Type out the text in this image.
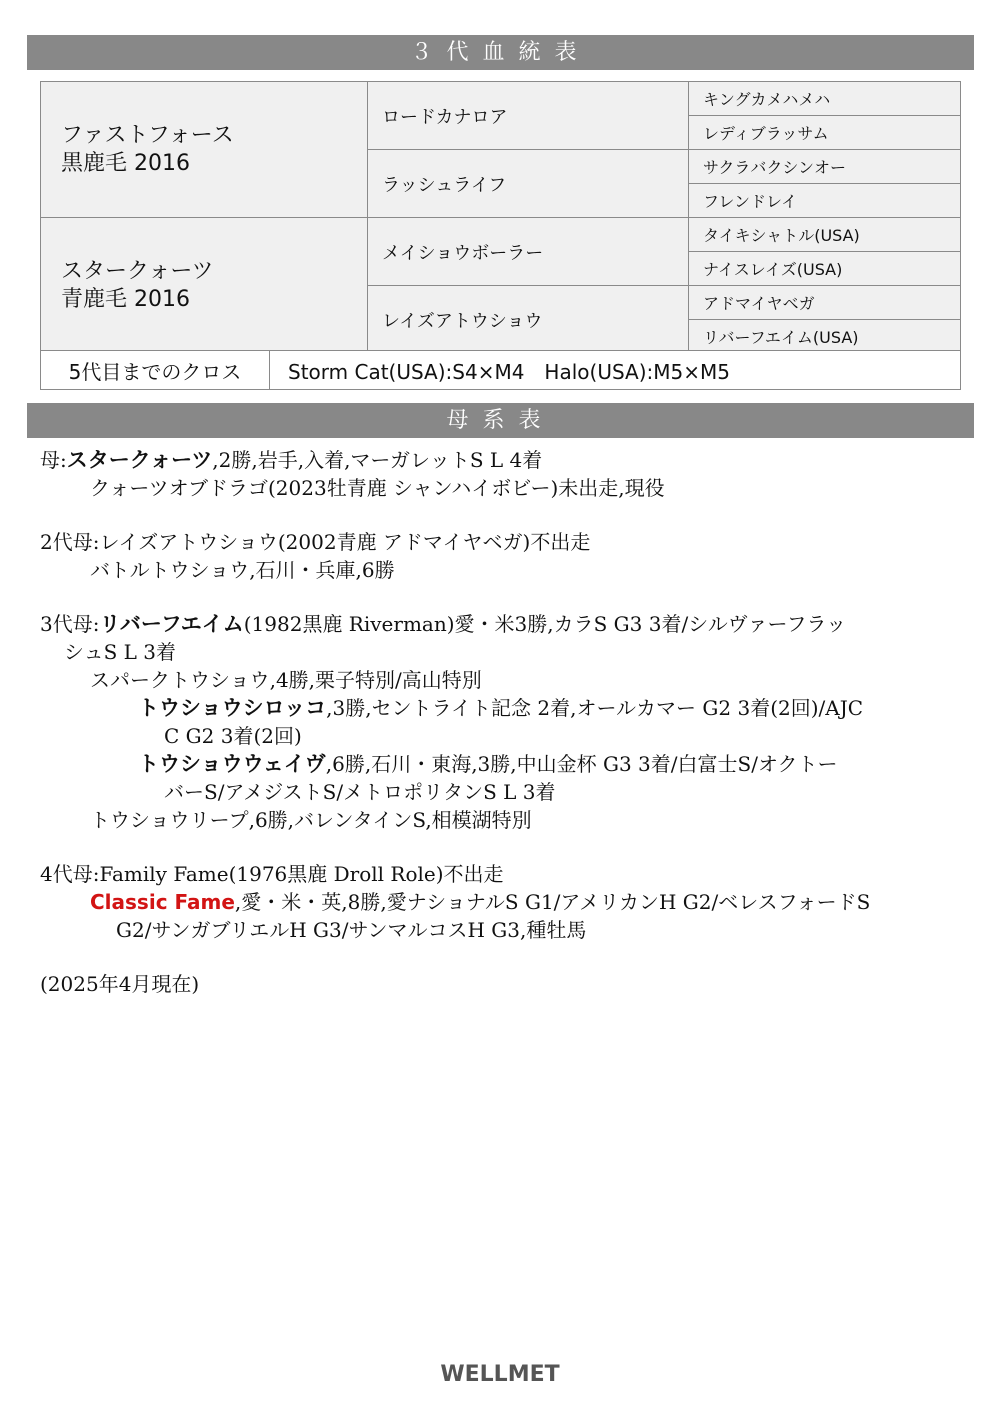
３代血統表
ファストフォース
黒鹿毛 2016	ロードカナロア	キングカメハメハ
		レディブラッサム
	ラッシュライフ	サクラバクシンオー
		フレンドレイ

スタークォーツ
青鹿毛 2016	メイショウボーラー	タイキシャトル(USA)
		ナイスレイズ(USA)
	レイズアトウショウ	アドマイヤベガ
		リバーフエイム(USA)
5代目までのクロス	Storm Cat(USA):S4×M4　Halo(USA):M5×M5
母系表
母:スタークォーツ,2勝,岩手,入着,マーガレットS L 4着
クォーツオブドラゴ(2023牡青鹿 シャンハイボビー)未出走,現役
2代母:レイズアトウショウ(2002青鹿 アドマイヤベガ)不出走
バトルトウショウ,石川・兵庫,6勝
3代母:リバーフエイム(1982黒鹿 Riverman)愛・米3勝,カラS G3 3着/シルヴァーフラッ
シュS L 3着
スパークトウショウ,4勝,栗子特別/高山特別
トウショウシロッコ,3勝,セントライト記念 2着,オールカマー G2 3着(2回)/AJC
C G2 3着(2回)
トウショウウェイヴ,6勝,石川・東海,3勝,中山金杯 G3 3着/白富士S/オクトー
バーS/アメジストS/メトロポリタンS L 3着
トウショウリープ,6勝,バレンタインS,相模湖特別
4代母:Family Fame(1976黒鹿 Droll Role)不出走
Classic Fame,愛・米・英,8勝,愛ナショナルS G1/アメリカンH G2/ベレスフォードS
G2/サンガブリエルH G3/サンマルコスH G3,種牡馬
(2025年4月現在)
WELLMET
